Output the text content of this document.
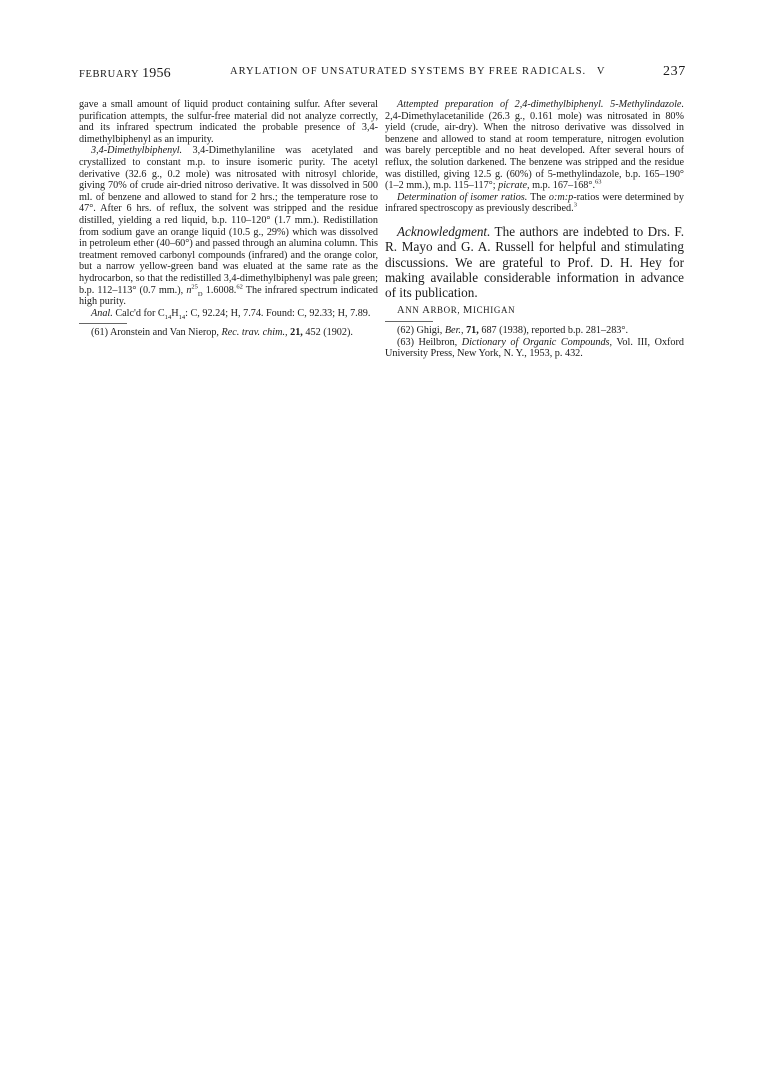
FEBRUARY 1956	ARYLATION OF UNSATURATED SYSTEMS BY FREE RADICALS.   V	237

gave a small amount of liquid product containing sulfur. After several purification attempts, the sulfur-free material did not analyze correctly, and its infrared spectrum indicated the probable presence of 3,4-dimethylbiphenyl as an impurity.

3,4-Dimethylbiphenyl. 3,4-Dimethylaniline was acetylated and crystallized to constant m.p. to insure isomeric purity. The acetyl derivative (32.6 g., 0.2 mole) was nitrosated with nitrosyl chloride, giving 70% of crude air-dried nitroso derivative. It was dissolved in 500 ml. of benzene and allowed to stand for 2 hrs.; the temperature rose to 47°. After 6 hrs. of reflux, the solvent was stripped and the residue distilled, yielding a red liquid, b.p. 110–120° (1.7 mm.). Redistillation from sodium gave an orange liquid (10.5 g., 29%) which was dissolved in petroleum ether (40–60°) and passed through an alumina column. This treatment removed carbonyl compounds (infrared) and the orange color, but a narrow yellow-green band was eluated at the same rate as the hydrocarbon, so that the redistilled 3,4-dimethylbiphenyl was pale green; b.p. 112–113° (0.7 mm.), $n^{25}_D$ 1.6008.62 The infrared spectrum indicated high purity.

Anal. Calc'd for $C_{14}H_{14}$: C, 92.24; H, 7.74. Found: C, 92.33; H, 7.89.

(61) Aronstein and Van Nierop, Rec. trav. chim., 21, 452 (1902).

Attempted preparation of 2,4-dimethylbiphenyl. 5-Methylindazole. 2,4-Dimethylacetanilide (26.3 g., 0.161 mole) was nitrosated in 80% yield (crude, air-dry). When the nitroso derivative was dissolved in benzene and allowed to stand at room temperature, nitrogen evolution was barely perceptible and no heat developed. After several hours of reflux, the solution darkened. The benzene was stripped and the residue was distilled, giving 12.5 g. (60%) of 5-methylindazole, b.p. 165–190° (1–2 mm.), m.p. 115–117°; picrate, m.p. 167–168°.$^{63}$

Determination of isomer ratios. The o:m:p-ratios were determined by infrared spectroscopy as previously described.$^3$

Acknowledgment. The authors are indebted to Drs. F. R. Mayo and G. A. Russell for helpful and stimulating discussions. We are grateful to Prof. D. H. Hey for making available considerable information in advance of its publication.

ANN ARBOR, MICHIGAN

(62) Ghigi, Ber., 71, 687 (1938), reported b.p. 281–283°.

(63) Heilbron, Dictionary of Organic Compounds, Vol. III, Oxford University Press, New York, N. Y., 1953, p. 432.
